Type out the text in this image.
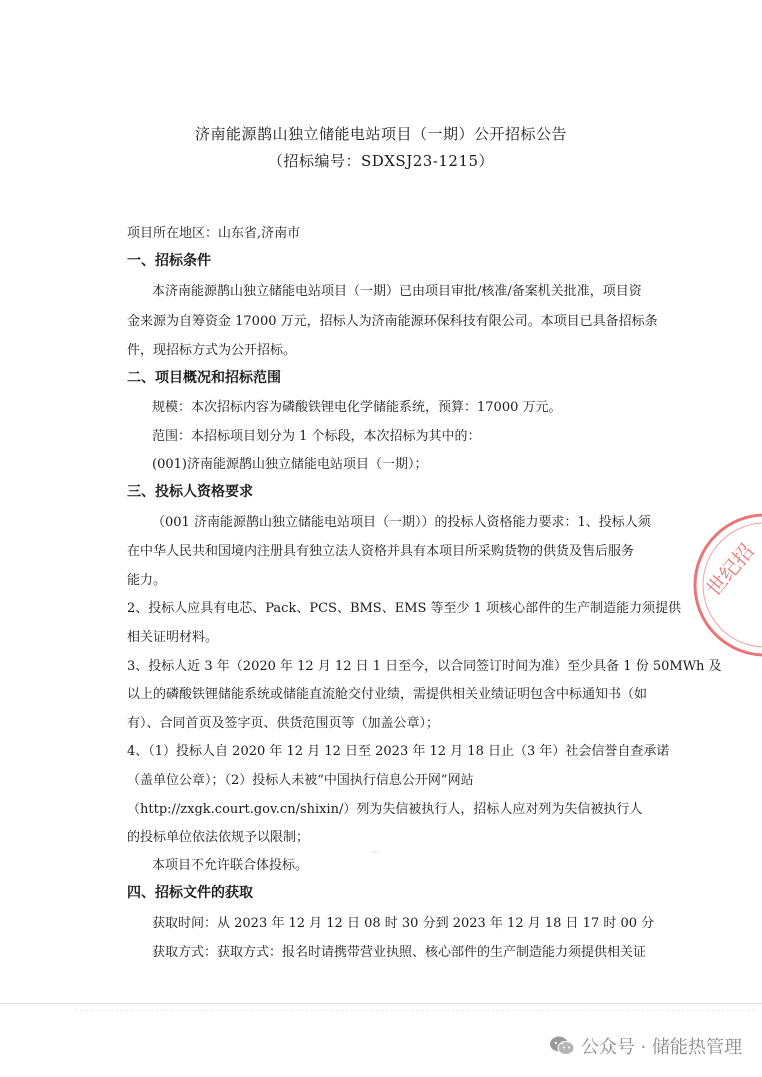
济南能源鹊山独立储能电站项目（一期）公开招标公告
（招标编号：SDXSJ23-1215）
项目所在地区：山东省,济南市
一、招标条件
本济南能源鹊山独立储能电站项目（一期）已由项目审批/核准/备案机关批准，项目资
金来源为自筹资金 17000 万元，招标人为济南能源环保科技有限公司。本项目已具备招标条
件，现招标方式为公开招标。
二、项目概况和招标范围
规模：本次招标内容为磷酸铁锂电化学储能系统，预算：17000 万元。
范围：本招标项目划分为 1 个标段，本次招标为其中的：
(001)济南能源鹊山独立储能电站项目（一期）；
三、投标人资格要求
（001 济南能源鹊山独立储能电站项目（一期））的投标人资格能力要求：1、投标人须
在中华人民共和国境内注册具有独立法人资格并具有本项目所采购货物的供货及售后服务
能力。
2、投标人应具有电芯、Pack、PCS、BMS、EMS 等至少 1 项核心部件的生产制造能力须提供
相关证明材料。
3、投标人近 3 年（2020 年 12 月 12 日 1 日至今，以合同签订时间为准）至少具备 1 份 50MWh 及
以上的磷酸铁锂储能系统或储能直流舱交付业绩，需提供相关业绩证明包含中标通知书（如
有）、合同首页及签字页、供货范围页等（加盖公章）；
4、（1）投标人自 2020 年 12 月 12 日至 2023 年 12 月 18 日止（3 年）社会信誉自查承诺
（盖单位公章）；（2）投标人未被“中国执行信息公开网”网站
（http://zxgk.court.gov.cn/shixin/）列为失信被执行人，招标人应对列为失信被执行人
的投标单位依法依规予以限制；
本项目不允许联合体投标。
ᐧᐧᐧ
四、招标文件的获取
获取时间：从 2023 年 12 月 12 日 08 时 30 分到 2023 年 12 月 18 日 17 时 00 分
获取方式：获取方式：报名时请携带营业执照、核心部件的生产制造能力须提供相关证
世纪招
公众号 · 储能热管理
